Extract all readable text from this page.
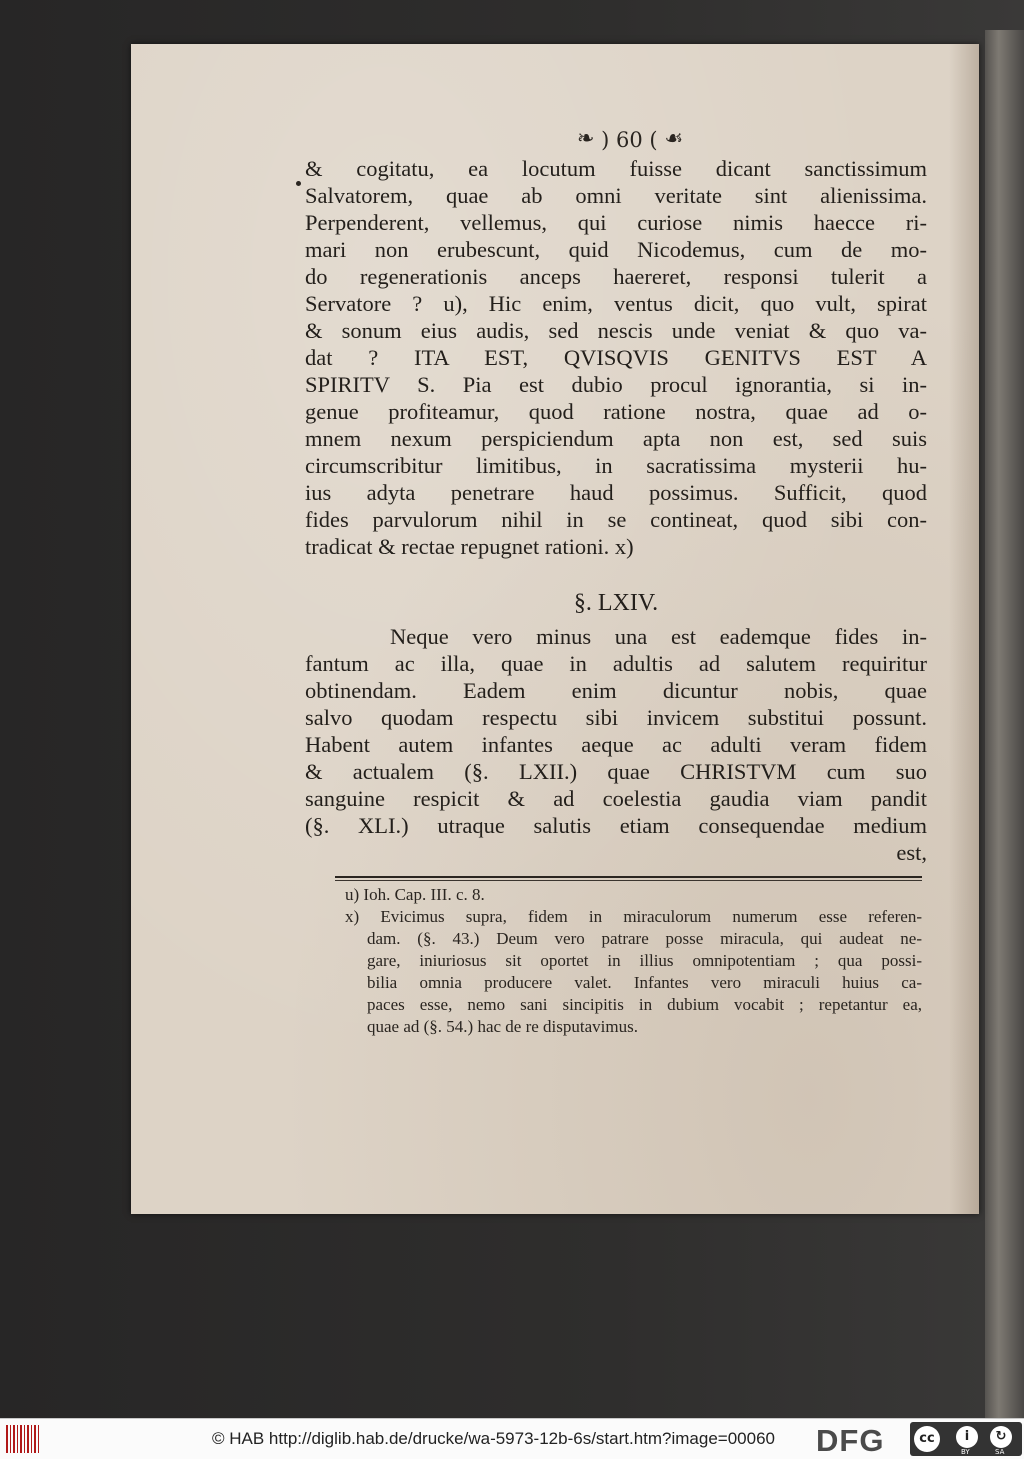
❧ ) 60 ( ☙
& cogitatu, ea locutum fuisse dicant sanctissimum
Salvatorem, quae ab omni veritate sint alienissima.
Perpenderent, vellemus, qui curiose nimis haecce ri-
mari non erubescunt, quid Nicodemus, cum de mo-
do regenerationis anceps haereret, responsi tulerit a
Servatore ? u), Hic enim, ventus dicit, quo vult, spirat
& sonum eius audis, sed nescis unde veniat & quo va-
dat ? ITA EST, QVISQVIS GENITVS EST A
SPIRITV S. Pia est dubio procul ignorantia, si in-
genue profiteamur, quod ratione nostra, quae ad o-
mnem nexum perspiciendum apta non est, sed suis
circumscribitur limitibus, in sacratissima mysterii hu-
ius adyta penetrare haud possimus. Sufficit, quod
fides parvulorum nihil in se contineat, quod sibi con-
tradicat & rectae repugnet rationi. x)
§. LXIV.
Neque vero minus una est eademque fides in-
fantum ac illa, quae in adultis ad salutem requiritur
obtinendam. Eadem enim dicuntur nobis, quae
salvo quodam respectu sibi invicem substitui possunt.
Habent autem infantes aeque ac adulti veram fidem
& actualem (§. LXII.) quae CHRISTVM cum suo
sanguine respicit & ad coelestia gaudia viam pandit
(§. XLI.) utraque salutis etiam consequendae medium
est,
u) Ioh. Cap. III. c. 8.
x) Evicimus supra, fidem in miraculorum numerum esse referen-
dam. (§. 43.) Deum vero patrare posse miracula, qui audeat ne-
gare, iniuriosus sit oportet in illius omnipotentiam ; qua possi-
bilia omnia producere valet. Infantes vero miraculi huius ca-
paces esse, nemo sani sincipitis in dubium vocabit ; repetantur ea,
quae ad (§. 54.) hac de re disputavimus.
© HAB http://diglib.hab.de/drucke/wa-5973-12b-6s/start.htm?image=00060 DFG	cc	i
BY
↻
SA
